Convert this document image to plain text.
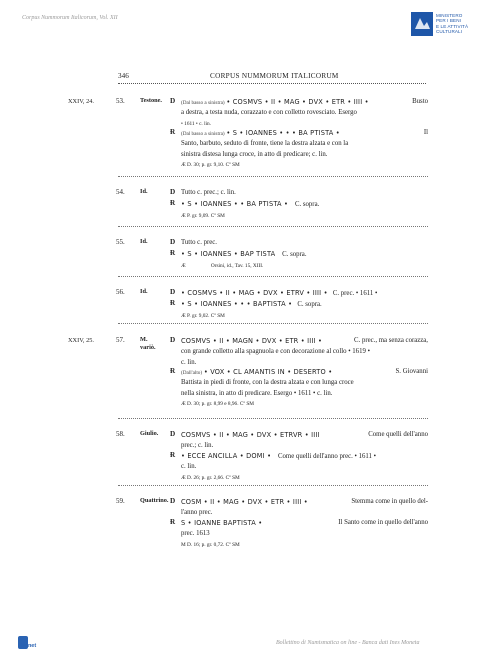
Corpus Nummorum Italicorum, Vol. XII	MINISTERO
PER I BENI
E LE ATTIVITÀ
CULTURALI
346	CORPUS NUMMORUM ITALICORUM
XXIV, 24.	53. Testone. D (Dal basso a sinistra) • COSMVS • II • MAG • DVX • ETR • IIII •	Busto

a destra, a testa nuda, corazzato e con colletto rovesciato. Esergo
• 1611 • c. lin.
Ɍ (Dal basso a sinistra) • S • IOANNES • • • BA PTISTA •	Il

Santo, barbuto, seduto di fronte, tiene la destra alzata e con la
sinistra distesa lunga croce, in atto di predicare; c. lin.
Æ D. 30; p. gr. 9,10. Cº SM
54. Id.	D Tutto c. prec.; c. lin.
Ɍ • S • IOANNES • • BA PTISTA • C. sopra.
Æ P. gr. 9,09. Cº SM
55. Id.	D Tutto c. prec.
Ɍ • S • IOANNES • BAP TISTA C. sopra.
Æ                   Orsini, id., Tav. 15, XIII.
56. Id.	D • COSMVS • II • MAG • DVX • ETRV • IIII • C. prec. • 1611 •
Ɍ • S • IOANNES • • • BAPTISTA • C. sopra.
Æ P. gr. 9,02. Cº SM
XXIV, 25.	57. M.
variò.
D COSMVS • II • MAGN • DVX • ETR • IIII •	C. prec., ma senza corazza,

con grande colletto alla spagnuola e con decorazione al collo • 1619 •
c. lin.
Ɍ (Dall'alto) • VOX • CL AMANTIS IN • DESERTO •	S. Giovanni

Battista in piedi di fronte, con la destra alzata e con lunga croce
nella sinistra, in atto di predicare. Esergo • 1611 • c. lin.
Æ D. 30; p. gr. 8,99 e 8,96. Cº SM
58. Giulio. D COSMVS • II • MAG • DVX • ETRVR • IIII	Come quelli dell'anno

prec.; c. lin.
Ɍ • ECCE ANCILLA • DOMI • Come quelli dell'anno prec. • 1611 •
c. lin.
Æ D. 26; p. gr. 2,66. Cº SM
59. Quattrino. D COSM • II • MAG • DVX • ETR • IIII •	Stemma come in quello del-

l'anno prec.
Ɍ S • IOANNE BAPTISTA •	Il Santo come in quello dell'anno

prec. 1613
M D. 16; p. gr. 0,72. Cº SM
Monet	Bollettino di Numismatica on line - Banca dati Ines Moneta
